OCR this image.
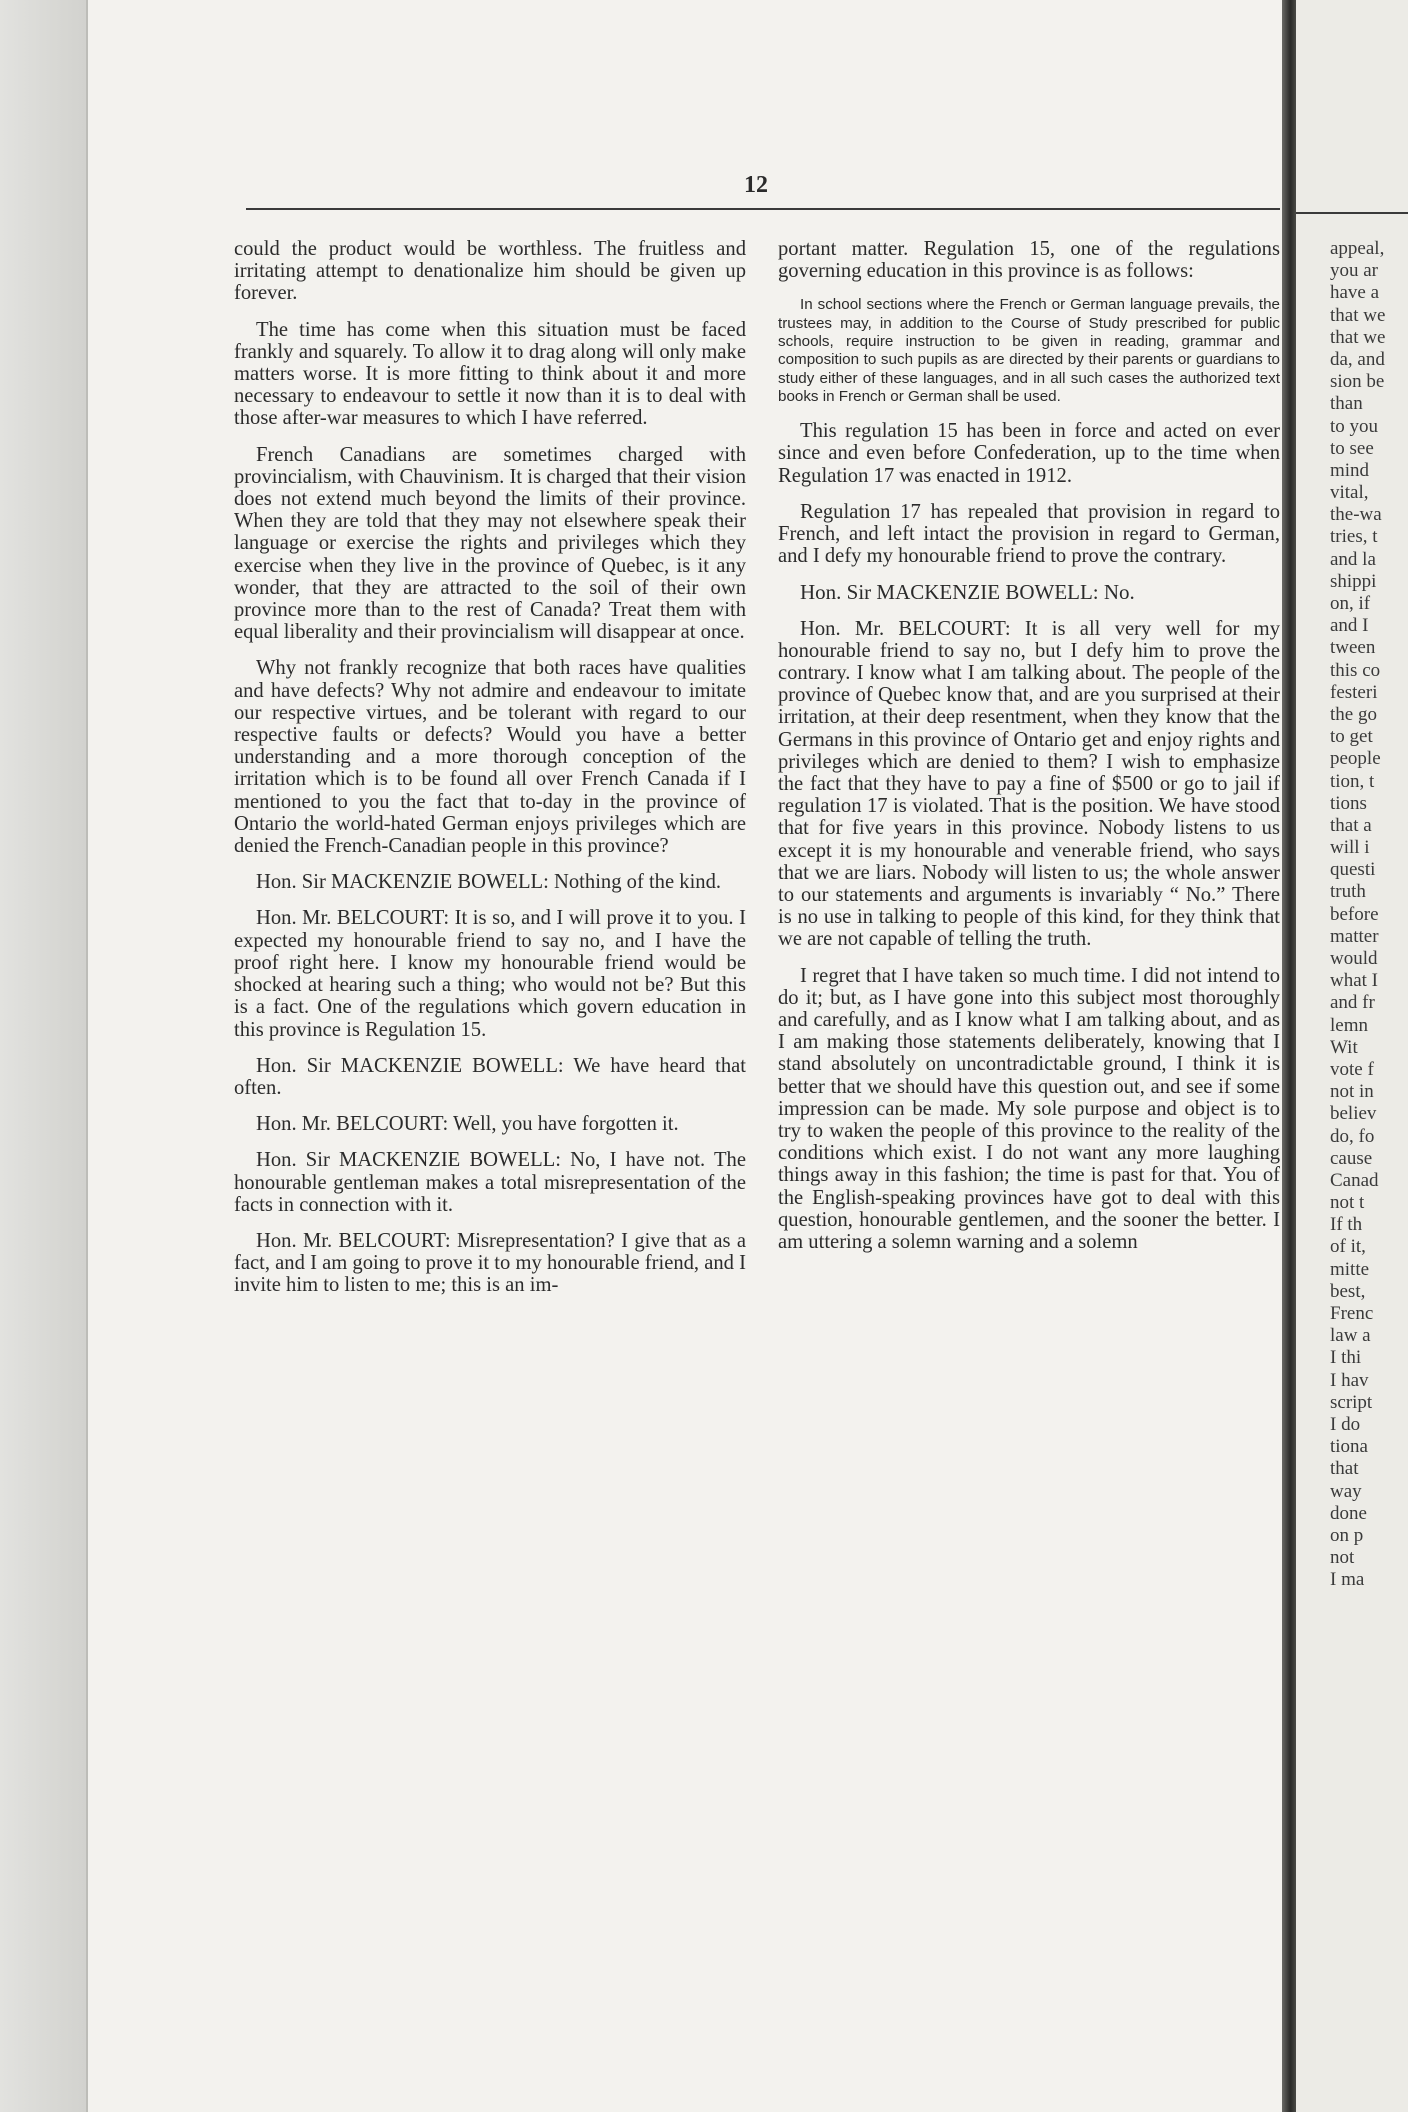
12

could the product would be worthless. The fruitless and irritating attempt to denationalize him should be given up forever.

The time has come when this situation must be faced frankly and squarely. To allow it to drag along will only make matters worse. It is more fitting to think about it and more necessary to endeavour to settle it now than it is to deal with those after-war measures to which I have referred.

French Canadians are sometimes charged with provincialism, with Chauvinism. It is charged that their vision does not extend much beyond the limits of their province. When they are told that they may not elsewhere speak their language or exercise the rights and privileges which they exercise when they live in the province of Quebec, is it any wonder, that they are attracted to the soil of their own province more than to the rest of Canada? Treat them with equal liberality and their provincialism will disappear at once.

Why not frankly recognize that both races have qualities and have defects? Why not admire and endeavour to imitate our respective virtues, and be tolerant with regard to our respective faults or defects? Would you have a better understanding and a more thorough conception of the irritation which is to be found all over French Canada if I mentioned to you the fact that to-day in the province of Ontario the world-hated German enjoys privileges which are denied the French-Canadian people in this province?

Hon. Sir MACKENZIE BOWELL: Nothing of the kind.

Hon. Mr. BELCOURT: It is so, and I will prove it to you. I expected my honourable friend to say no, and I have the proof right here. I know my honourable friend would be shocked at hearing such a thing; who would not be? But this is a fact. One of the regulations which govern education in this province is Regulation 15.

Hon. Sir MACKENZIE BOWELL: We have heard that often.

Hon. Mr. BELCOURT: Well, you have forgotten it.

Hon. Sir MACKENZIE BOWELL: No, I have not. The honourable gentleman makes a total misrepresentation of the facts in connection with it.

Hon. Mr. BELCOURT: Misrepresentation? I give that as a fact, and I am going to prove it to my honourable friend, and I invite him to listen to me; this is an im-

portant matter. Regulation 15, one of the regulations governing education in this province is as follows:

In school sections where the French or German language prevails, the trustees may, in addition to the Course of Study prescribed for public schools, require instruction to be given in reading, grammar and composition to such pupils as are directed by their parents or guardians to study either of these languages, and in all such cases the authorized text books in French or German shall be used.

This regulation 15 has been in force and acted on ever since and even before Confederation, up to the time when Regulation 17 was enacted in 1912.

Regulation 17 has repealed that provision in regard to French, and left intact the provision in regard to German, and I defy my honourable friend to prove the contrary.

Hon. Sir MACKENZIE BOWELL: No.

Hon. Mr. BELCOURT: It is all very well for my honourable friend to say no, but I defy him to prove the contrary. I know what I am talking about. The people of the province of Quebec know that, and are you surprised at their irritation, at their deep resentment, when they know that the Germans in this province of Ontario get and enjoy rights and privileges which are denied to them? I wish to emphasize the fact that they have to pay a fine of $500 or go to jail if regulation 17 is violated. That is the position. We have stood that for five years in this province. Nobody listens to us except it is my honourable and venerable friend, who says that we are liars. Nobody will listen to us; the whole answer to our statements and arguments is invariably “ No.” There is no use in talking to people of this kind, for they think that we are not capable of telling the truth.

I regret that I have taken so much time. I did not intend to do it; but, as I have gone into this subject most thoroughly and carefully, and as I know what I am talking about, and as I am making those statements deliberately, knowing that I stand absolutely on uncontradictable ground, I think it is better that we should have this question out, and see if some impression can be made. My sole purpose and object is to try to waken the people of this province to the reality of the conditions which exist. I do not want any more laughing things away in this fashion; the time is past for that. You of the English-speaking provinces have got to deal with this question, honourable gentlemen, and the sooner the better. I am uttering a solemn warning and a solemn

appeal,
you ar
have a
that we
that we
da, and
sion be
than
to you
to see
mind
vital,
the-wa
tries, t
and la
shippi
on, if
and I
tween
this co
festeri
the go
to get
people
tion, t
tions
that a
will i
questi
truth
before
matter
would
what I
and fr
lemn
Wit
vote f
not in
believ
do, fo
cause
Canad
not t
If th
of it,
mitte
best,
Frenc
law a
I thi
I hav
script
I do
tiona
that
way
done
on p
not
I ma
